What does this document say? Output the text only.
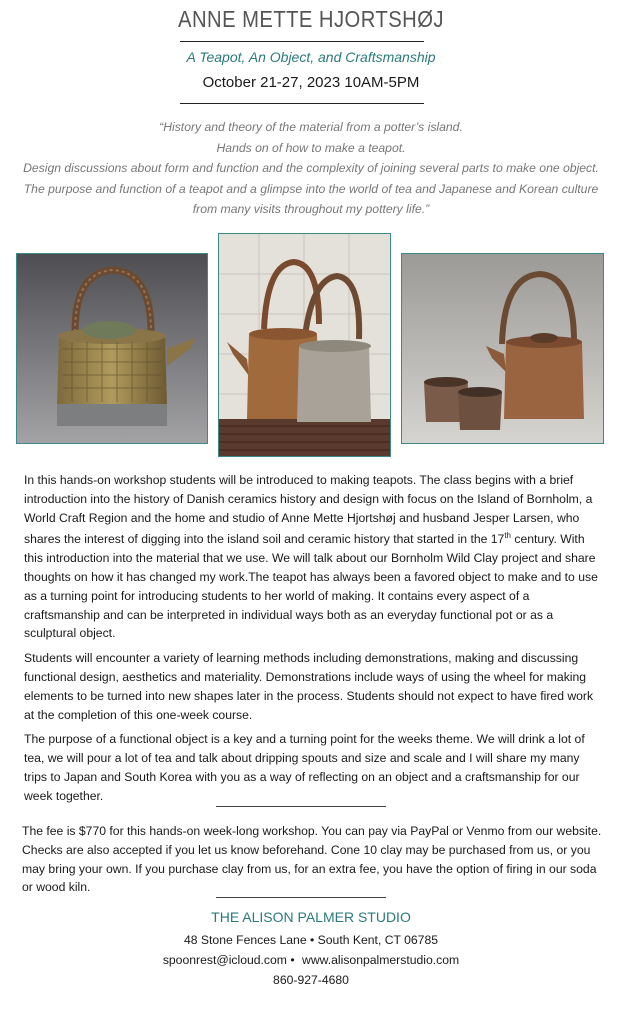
ANNE METTE HJORTSHØJ
A Teapot, An Object, and Craftsmanship
October 21-27, 2023 10AM-5PM
“History and theory of the material from a potter’s island.
Hands on of how to make a teapot.
Design discussions about form and function and the complexity of joining several parts to make one object.
The purpose and function of a teapot and a glimpse into the world of tea and Japanese and Korean culture
from many visits throughout my pottery life.”

In this hands-on workshop students will be introduced to making teapots. The class begins with a brief introduction into the history of Danish ceramics history and design with focus on the Island of Bornholm, a World Craft Region and the home and studio of Anne Mette Hjortshøj and husband Jesper Larsen, who shares the interest of digging into the island soil and ceramic history that started in the 17th century. With this introduction into the material that we use. We will talk about our Bornholm Wild Clay project and share thoughts on how it has changed my work.The teapot has always been a favored object to make and to use as a turning point for introducing students to her world of making. It contains every aspect of a craftsmanship and can be interpreted in individual ways both as an everyday functional pot or as a sculptural object.

Students will encounter a variety of learning methods including demonstrations, making and discussing functional design, aesthetics and materiality. Demonstrations include ways of using the wheel for making elements to be turned into new shapes later in the process. Students should not expect to have fired work at the completion of this one-week course.

The purpose of a functional object is a key and a turning point for the weeks theme. We will drink a lot of tea, we will pour a lot of tea and talk about dripping spouts and size and scale and I will share my many trips to Japan and South Korea with you as a way of reflecting on an object and a craftsmanship for our week together.

The fee is $770 for this hands-on week-long workshop. You can pay via PayPal or Venmo from our website. Checks are also accepted if you let us know beforehand. Cone 10 clay may be purchased from us, or you may bring your own. If you purchase clay from us, for an extra fee, you have the option of firing in our soda or wood kiln.
THE ALISON PALMER STUDIO
48 Stone Fences Lane • South Kent, CT 06785
spoonrest@icloud.com • www.alisonpalmerstudio.com
860-927-4680
